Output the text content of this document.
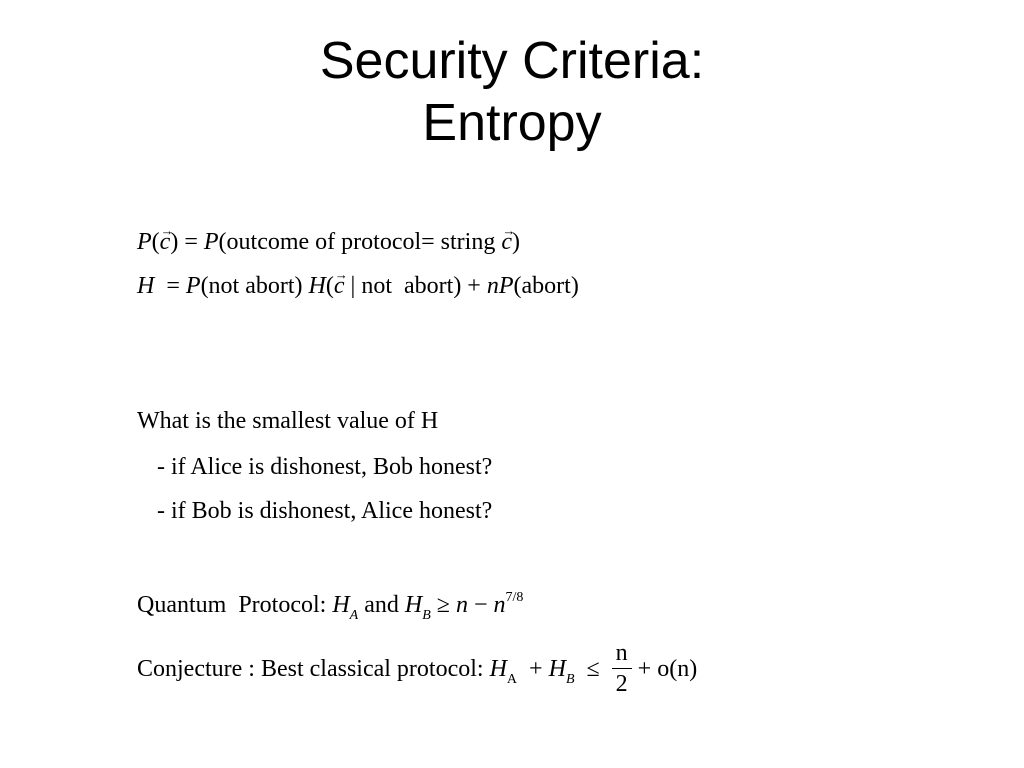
Security Criteria:
Entropy
P(→ c) = P(outcome of protocol= string → c)
H  = P(not abort) H(→ c | not  abort) + nP(abort)
What is the smallest value of H
- if Alice is dishonest, Bob honest?
- if Bob is dishonest, Alice honest?
Quantum  Protocol: $H_A$ and $H_B \ge n - n^{7/8}$
Conjecture : Best classical protocol: $H_A + H_B \le \frac{n}{2} + o(n)$
